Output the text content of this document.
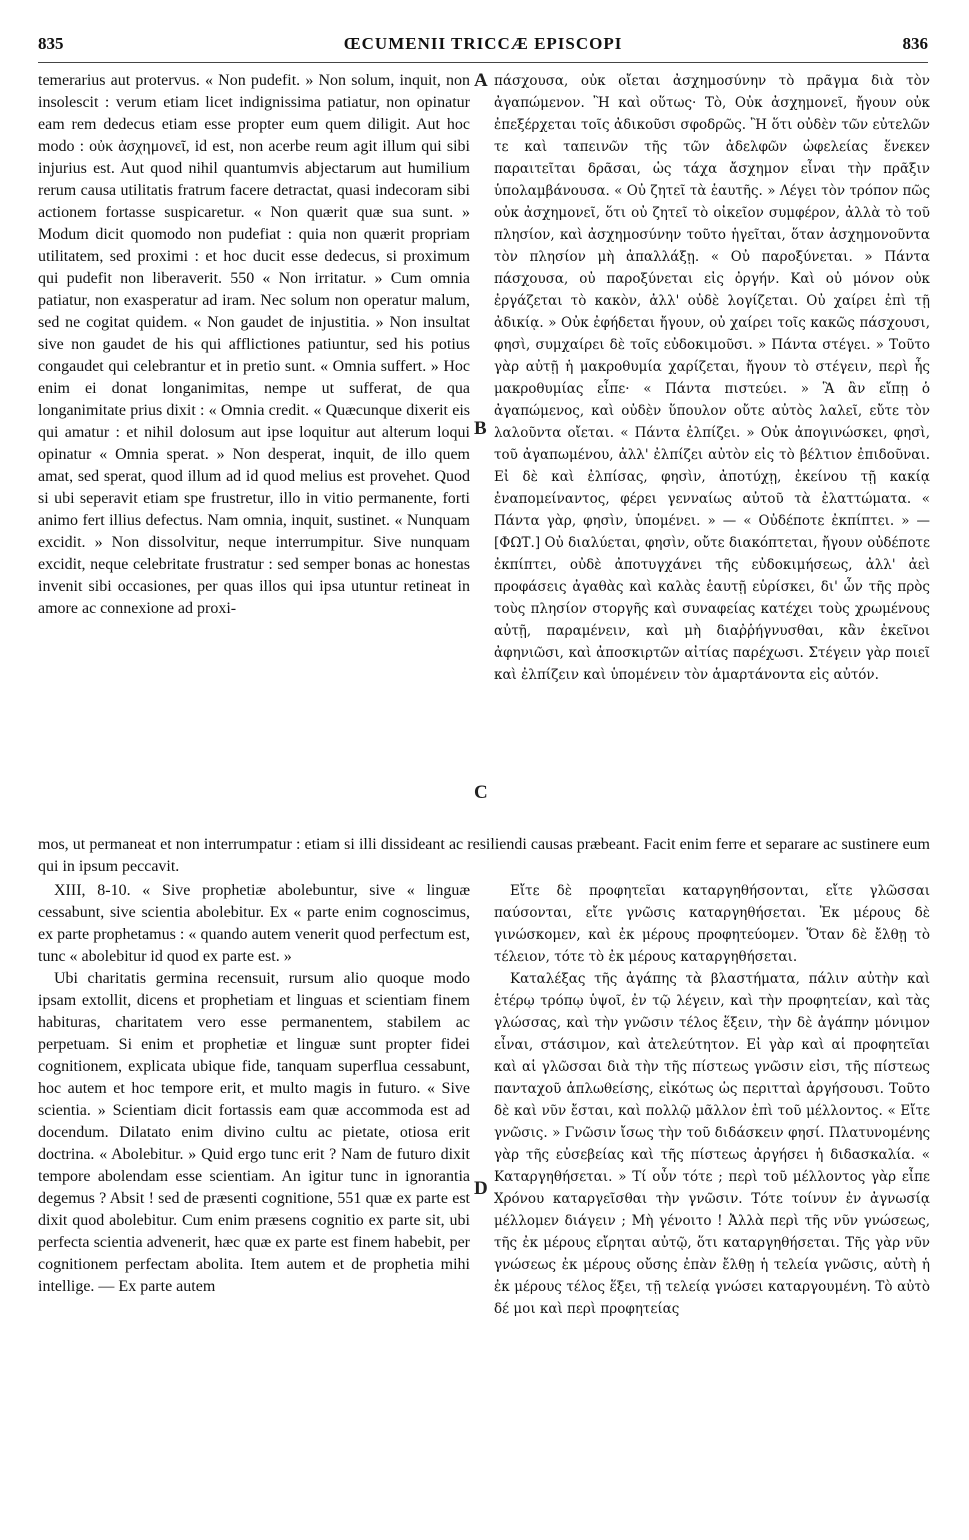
835	ŒCUMENII TRICCÆ EPISCOPI	836
A
B
C
D

temerarius aut protervus. « Non pudefit. » Non solum, inquit, non insolescit : verum etiam licet indignissima patiatur, non opinatur eam rem dedecus etiam esse propter eum quem diligit. Aut hoc modo : οὐκ ἀσχημονεῖ, id est, non acerbe reum agit illum qui sibi injurius est. Aut quod nihil quantumvis abjectarum aut humilium rerum causa utilitatis fratrum facere detractat, quasi indecoram sibi actionem fortasse suspicaretur. « Non quærit quæ sua sunt. » Modum dicit quomodo non pudefiat : quia non quærit propriam utilitatem, sed proximi : et hoc ducit esse dedecus, si proximum qui pudefit non liberaverit. 550 « Non irritatur. » Cum omnia patiatur, non exasperatur ad iram. Nec solum non operatur malum, sed ne cogitat quidem. « Non gaudet de injustitia. » Non insultat sive non gaudet de his qui afflictiones patiuntur, sed his potius congaudet qui celebrantur et in pretio sunt. « Omnia suffert. » Hoc enim ei donat longanimitas, nempe ut sufferat, de qua longanimitate prius dixit : « Omnia credit. « Quæcunque dixerit eis qui amatur : et nihil dolosum aut ipse loquitur aut alterum loqui opinatur « Omnia sperat. » Non desperat, inquit, de illo quem amat, sed sperat, quod illum ad id quod melius est provehet. Quod si ubi seperavit etiam spe frustretur, illo in vitio permanente, forti animo fert illius defectus. Nam omnia, inquit, sustinet. « Nunquam excidit. » Non dissolvitur, neque interrumpitur. Sive nunquam excidit, neque celebritate frustratur : sed semper bonas ac honestas invenit sibi occasiones, per quas illos qui ipsa utuntur retineat in amore ac connexione ad proxi-

πάσχουσα, οὐκ οἴεται ἀσχημοσύνην τὸ πρᾶγμα διὰ τὸν ἀγαπώμενον. Ἢ καὶ οὕτως· Τὸ, Οὐκ ἀσχημονεῖ, ἤγουν οὐκ ἐπεξέρχεται τοῖς ἀδικοῦσι σφοδρῶς. Ἢ ὅτι οὐδὲν τῶν εὐτελῶν τε καὶ ταπεινῶν τῆς τῶν ἀδελφῶν ὠφελείας ἕνεκεν παραιτεῖται δρᾶσαι, ὡς τάχα ἄσχημον εἶναι τὴν πρᾶξιν ὑπολαμβάνουσα. « Οὐ ζητεῖ τὰ ἑαυτῆς. » Λέγει τὸν τρόπον πῶς οὐκ ἀσχημονεῖ, ὅτι οὐ ζητεῖ τὸ οἰκεῖον συμφέρον, ἀλλὰ τὸ τοῦ πλησίον, καὶ ἀσχημοσύνην τοῦτο ἡγεῖται, ὅταν ἀσχημονοῦντα τὸν πλησίον μὴ ἀπαλλάξῃ. « Οὐ παροξύνεται. » Πάντα πάσχουσα, οὐ παροξύνεται εἰς ὀργήν. Καὶ οὐ μόνον οὐκ ἐργάζεται τὸ κακὸν, ἀλλ' οὐδὲ λογίζεται. Οὐ χαίρει ἐπὶ τῇ ἀδικίᾳ. » Οὐκ ἐφήδεται ἤγουν, οὐ χαίρει τοῖς κακῶς πάσχουσι, φησὶ, συμχαίρει δὲ τοῖς εὐδοκιμοῦσι. » Πάντα στέγει. » Τοῦτο γὰρ αὐτῇ ἡ μακροθυμία χαρίζεται, ἤγουν τὸ στέγειν, περὶ ἧς μακροθυμίας εἶπε· « Πάντα πιστεύει. » Ἃ ἂν εἴπῃ ὁ ἀγαπώμενος, καὶ οὐδὲν ὕπουλον οὔτε αὐτὸς λαλεῖ, εὔτε τὸν λαλοῦντα οἴεται. « Πάντα ἐλπίζει. » Οὐκ ἀπογινώσκει, φησὶ, τοῦ ἀγαπωμένου, ἀλλ' ἐλπίζει αὐτὸν εἰς τὸ βέλτιον ἐπιδοῦναι. Εἰ δὲ καὶ ἐλπίσας, φησὶν, ἀποτύχῃ, ἐκείνου τῇ κακίᾳ ἐναπομείναντος, φέρει γενναίως αὐτοῦ τὰ ἐλαττώματα. « Πάντα γὰρ, φησὶν, ὑπομένει. » — « Οὐδέποτε ἐκπίπτει. » — [ΦΩΤ.] Οὐ διαλύεται, φησὶν, οὔτε διακόπτεται, ἤγουν οὐδέποτε ἐκπίπτει, οὐδὲ ἀποτυγχάνει τῆς εὐδοκιμήσεως, ἀλλ' ἀεὶ προφάσεις ἀγαθὰς καὶ καλὰς ἑαυτῇ εὑρίσκει, δι' ὧν τῆς πρὸς τοὺς πλησίον στοργῆς καὶ συναφείας κατέχει τοὺς χρωμένους αὐτῇ, παραμένειν, καὶ μὴ διαῤῥήγνυσθαι, κἂν ἐκεῖνοι ἀφηνιῶσι, καὶ ἀποσκιρτῶν αἰτίας παρέχωσι. Στέγειν γὰρ ποιεῖ καὶ ἐλπίζειν καὶ ὑπομένειν τὸν ἁμαρτάνοντα εἰς αὐτόν.

mos, ut permaneat et non interrumpatur : etiam si illi dissideant ac resiliendi causas præbeant. Facit enim ferre et separare ac sustinere eum qui in ipsum peccavit.

XIII, 8-10. « Sive prophetiæ abolebuntur, sive « linguæ cessabunt, sive scientia abolebitur. Ex « parte enim cognoscimus, ex parte prophetamus : « quando autem venerit quod perfectum est, tunc « abolebitur id quod ex parte est. »

Ubi charitatis germina recensuit, rursum alio quoque modo ipsam extollit, dicens et prophetiam et linguas et scientiam finem habituras, charitatem vero esse permanentem, stabilem ac perpetuam. Si enim et prophetiæ et linguæ sunt propter fidei cognitionem, explicata ubique fide, tanquam superflua cessabunt, hoc autem et hoc tempore erit, et multo magis in futuro. « Sive scientia. » Scientiam dicit fortassis eam quæ accommoda est ad docendum. Dilatato enim divino cultu ac pietate, otiosa erit doctrina. « Abolebitur. » Quid ergo tunc erit ? Nam de futuro dixit tempore abolendam esse scientiam. An igitur tunc in ignorantia degemus ? Absit ! sed de præsenti cognitione, 551 quæ ex parte est dixit quod abolebitur. Cum enim præsens cognitio ex parte sit, ubi perfecta scientia advenerit, hæc quæ ex parte est finem habebit, per cognitionem perfectam abolita. Item autem et de prophetia mihi intellige. — Ex parte autem

Εἴτε δὲ προφητεῖαι καταργηθήσονται, εἴτε γλῶσσαι παύσονται, εἴτε γνῶσις καταργηθήσεται. Ἐκ μέρους δὲ γινώσκομεν, καὶ ἐκ μέρους προφητεύομεν. Ὅταν δὲ ἔλθῃ τὸ τέλειον, τότε τὸ ἐκ μέρους καταργηθήσεται.

Καταλέξας τῆς ἀγάπης τὰ βλαστήματα, πάλιν αὐτὴν καὶ ἑτέρῳ τρόπῳ ὑψοῖ, ἐν τῷ λέγειν, καὶ τὴν προφητείαν, καὶ τὰς γλώσσας, καὶ τὴν γνῶσιν τέλος ἕξειν, τὴν δὲ ἀγάπην μόνιμον εἶναι, στάσιμον, καὶ ἀτελεύτητον. Εἰ γὰρ καὶ αἱ προφητεῖαι καὶ αἱ γλῶσσαι διὰ τὴν τῆς πίστεως γνῶσιν εἰσι, τῆς πίστεως πανταχοῦ ἁπλωθείσης, εἰκότως ὡς περιτταὶ ἀργήσουσι. Τοῦτο δὲ καὶ νῦν ἔσται, καὶ πολλῷ μᾶλλον ἐπὶ τοῦ μέλλοντος. « Εἴτε γνῶσις. » Γνῶσιν ἴσως τὴν τοῦ διδάσκειν φησί. Πλατυνομένης γὰρ τῆς εὐσεβείας καὶ τῆς πίστεως ἀργήσει ἡ διδασκαλία. « Καταργηθήσεται. » Τί οὖν τότε ; περὶ τοῦ μέλλοντος γὰρ εἶπε Χρόνου καταργεῖσθαι τὴν γνῶσιν. Τότε τοίνυν ἐν ἀγνωσίᾳ μέλλομεν διάγειν ; Μὴ γένοιτο ! Ἀλλὰ περὶ τῆς νῦν γνώσεως, τῆς ἐκ μέρους εἴρηται αὐτῷ, ὅτι καταργηθήσεται. Τῆς γὰρ νῦν γνώσεως ἐκ μέρους οὔσης ἐπὰν ἔλθῃ ἡ τελεία γνῶσις, αὐτὴ ἡ ἐκ μέρους τέλος ἕξει, τῇ τελείᾳ γνώσει καταργουμένη. Τὸ αὐτὸ δέ μοι καὶ περὶ προφητείας
